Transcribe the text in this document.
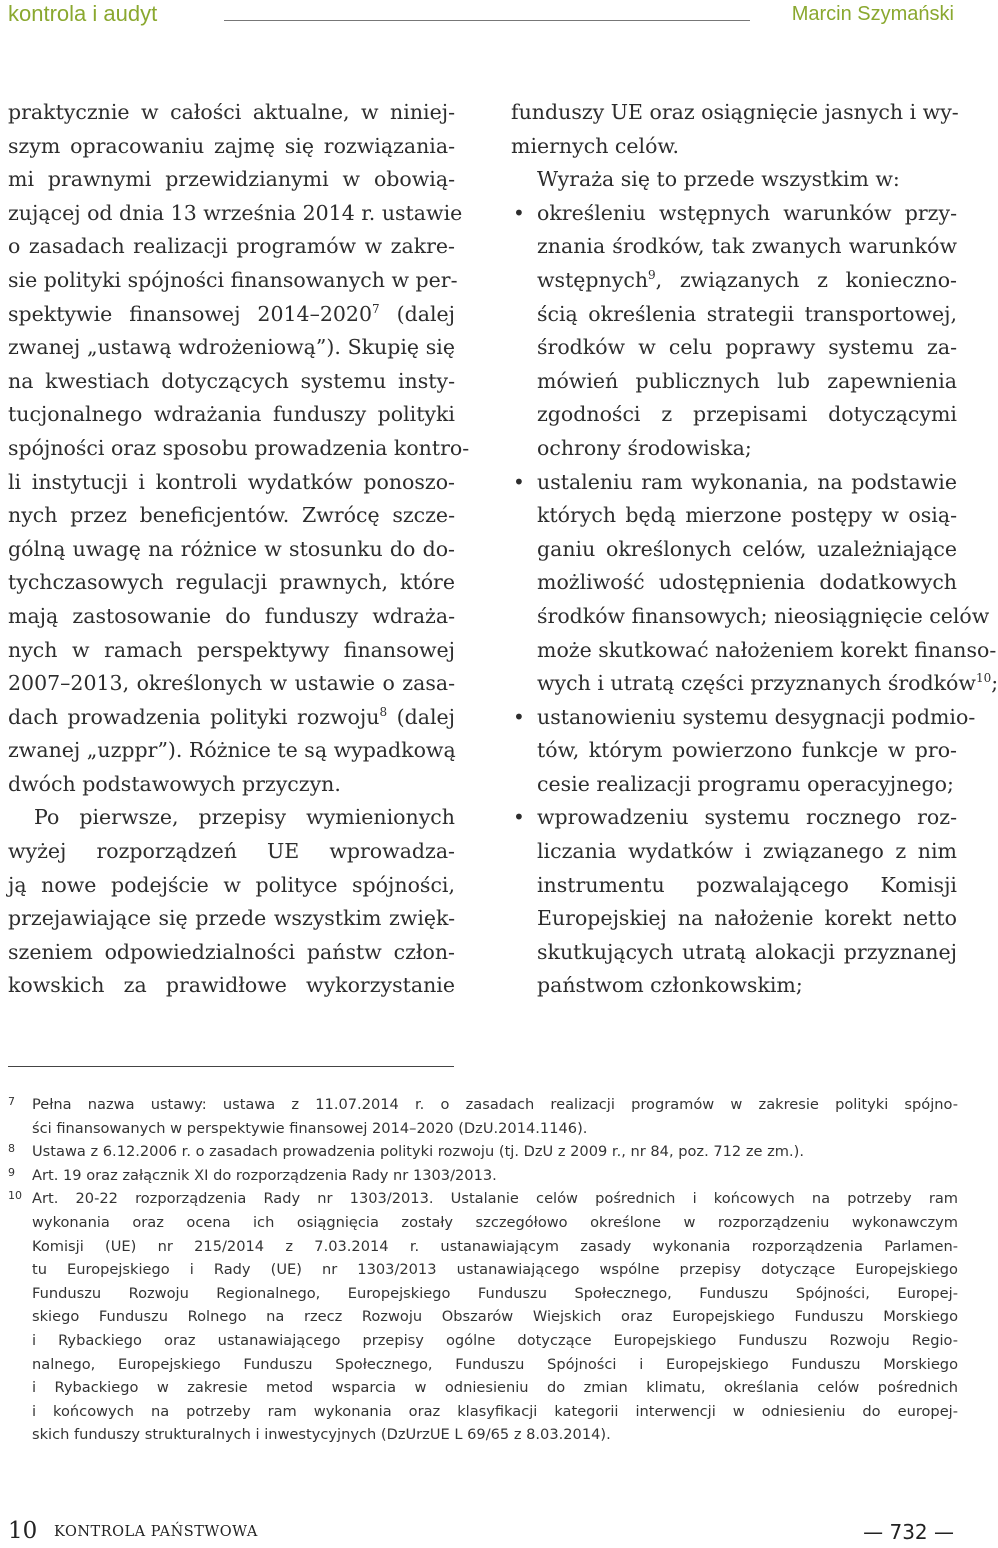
kontrola i audyt	Marcin Szymański
praktycznie w całości aktualne, w niniej-
szym opracowaniu zajmę się rozwiązania-
mi prawnymi przewidzianymi w obowią-
zującej od dnia 13 września 2014 r. ustawie
o zasadach realizacji programów w zakre-
sie polityki spójności finansowanych w per-
spektywie finansowej 2014–2020$^7$ (dalej
zwanej „ustawą wdrożeniową”). Skupię się
na kwestiach dotyczących systemu insty-
tucjonalnego wdrażania funduszy polityki
spójności oraz sposobu prowadzenia kontro-
li instytucji i kontroli wydatków ponoszo-
nych przez beneficjentów. Zwrócę szcze-
gólną uwagę na różnice w stosunku do do-
tychczasowych regulacji prawnych, które
mają zastosowanie do funduszy wdraża-
nych w ramach perspektywy finansowej
2007–2013, określonych w ustawie o zasa-
dach prowadzenia polityki rozwoju$^8$ (dalej
zwanej „uzppr”). Różnice te są wypadkową
dwóch podstawowych przyczyn.
Po pierwsze, przepisy wymienionych
wyżej rozporządzeń UE wprowadza-
ją nowe podejście w polityce spójności,
przejawiające się przede wszystkim zwięk-
szeniem odpowiedzialności państw człon-
kowskich za prawidłowe wykorzystanie
funduszy UE oraz osiągnięcie jasnych i wy-
miernych celów.
Wyraża się to przede wszystkim w:
• określeniu wstępnych warunków przy-
znania środków, tak zwanych warunków
wstępnych$^9$, związanych z konieczno-
ścią określenia strategii transportowej,
środków w celu poprawy systemu za-
mówień publicznych lub zapewnienia
zgodności z przepisami dotyczącymi
ochrony środowiska;
• ustaleniu ram wykonania, na podstawie
których będą mierzone postępy w osią-
ganiu określonych celów, uzależniające
możliwość udostępnienia dodatkowych
środków finansowych; nieosiągnięcie celów
może skutkować nałożeniem korekt finanso-
wych i utratą części przyznanych środków$^{10}$;
• ustanowieniu systemu desygnacji podmio-
tów, którym powierzono funkcje w pro-
cesie realizacji programu operacyjnego;
• wprowadzeniu systemu rocznego roz-
liczania wydatków i związanego z nim
instrumentu pozwalającego Komisji
Europejskiej na nałożenie korekt netto
skutkujących utratą alokacji przyznanej
państwom członkowskim;
7 Pełna nazwa ustawy: ustawa z 11.07.2014 r. o zasadach realizacji programów w zakresie polityki spójno-
ści finansowanych w perspektywie finansowej 2014–2020 (DzU.2014.1146).
8 Ustawa z 6.12.2006 r. o zasadach prowadzenia polityki rozwoju (tj. DzU z 2009 r., nr 84, poz. 712 ze zm.).
9 Art. 19 oraz załącznik XI do rozporządzenia Rady nr 1303/2013.
10 Art. 20-22 rozporządzenia Rady nr 1303/2013. Ustalanie celów pośrednich i końcowych na potrzeby ram
wykonania oraz ocena ich osiągnięcia zostały szczegółowo określone w rozporządzeniu wykonawczym
Komisji (UE) nr 215/2014 z 7.03.2014 r. ustanawiającym zasady wykonania rozporządzenia Parlamen-
tu Europejskiego i Rady (UE) nr 1303/2013 ustanawiającego wspólne przepisy dotyczące Europejskiego
Funduszu Rozwoju Regionalnego, Europejskiego Funduszu Społecznego, Funduszu Spójności, Europej-
skiego Funduszu Rolnego na rzecz Rozwoju Obszarów Wiejskich oraz Europejskiego Funduszu Morskiego
i Rybackiego oraz ustanawiającego przepisy ogólne dotyczące Europejskiego Funduszu Rozwoju Regio-
nalnego, Europejskiego Funduszu Społecznego, Funduszu Spójności i Europejskiego Funduszu Morskiego
i Rybackiego w zakresie metod wsparcia w odniesieniu do zmian klimatu, określania celów pośrednich
i końcowych na potrzeby ram wykonania oraz klasyfikacji kategorii interwencji w odniesieniu do europej-
skich funduszy strukturalnych i inwestycyjnych (DzUrzUE L 69/65 z 8.03.2014).
10 KONTROLA PAŃSTWOWA	— 732 —
